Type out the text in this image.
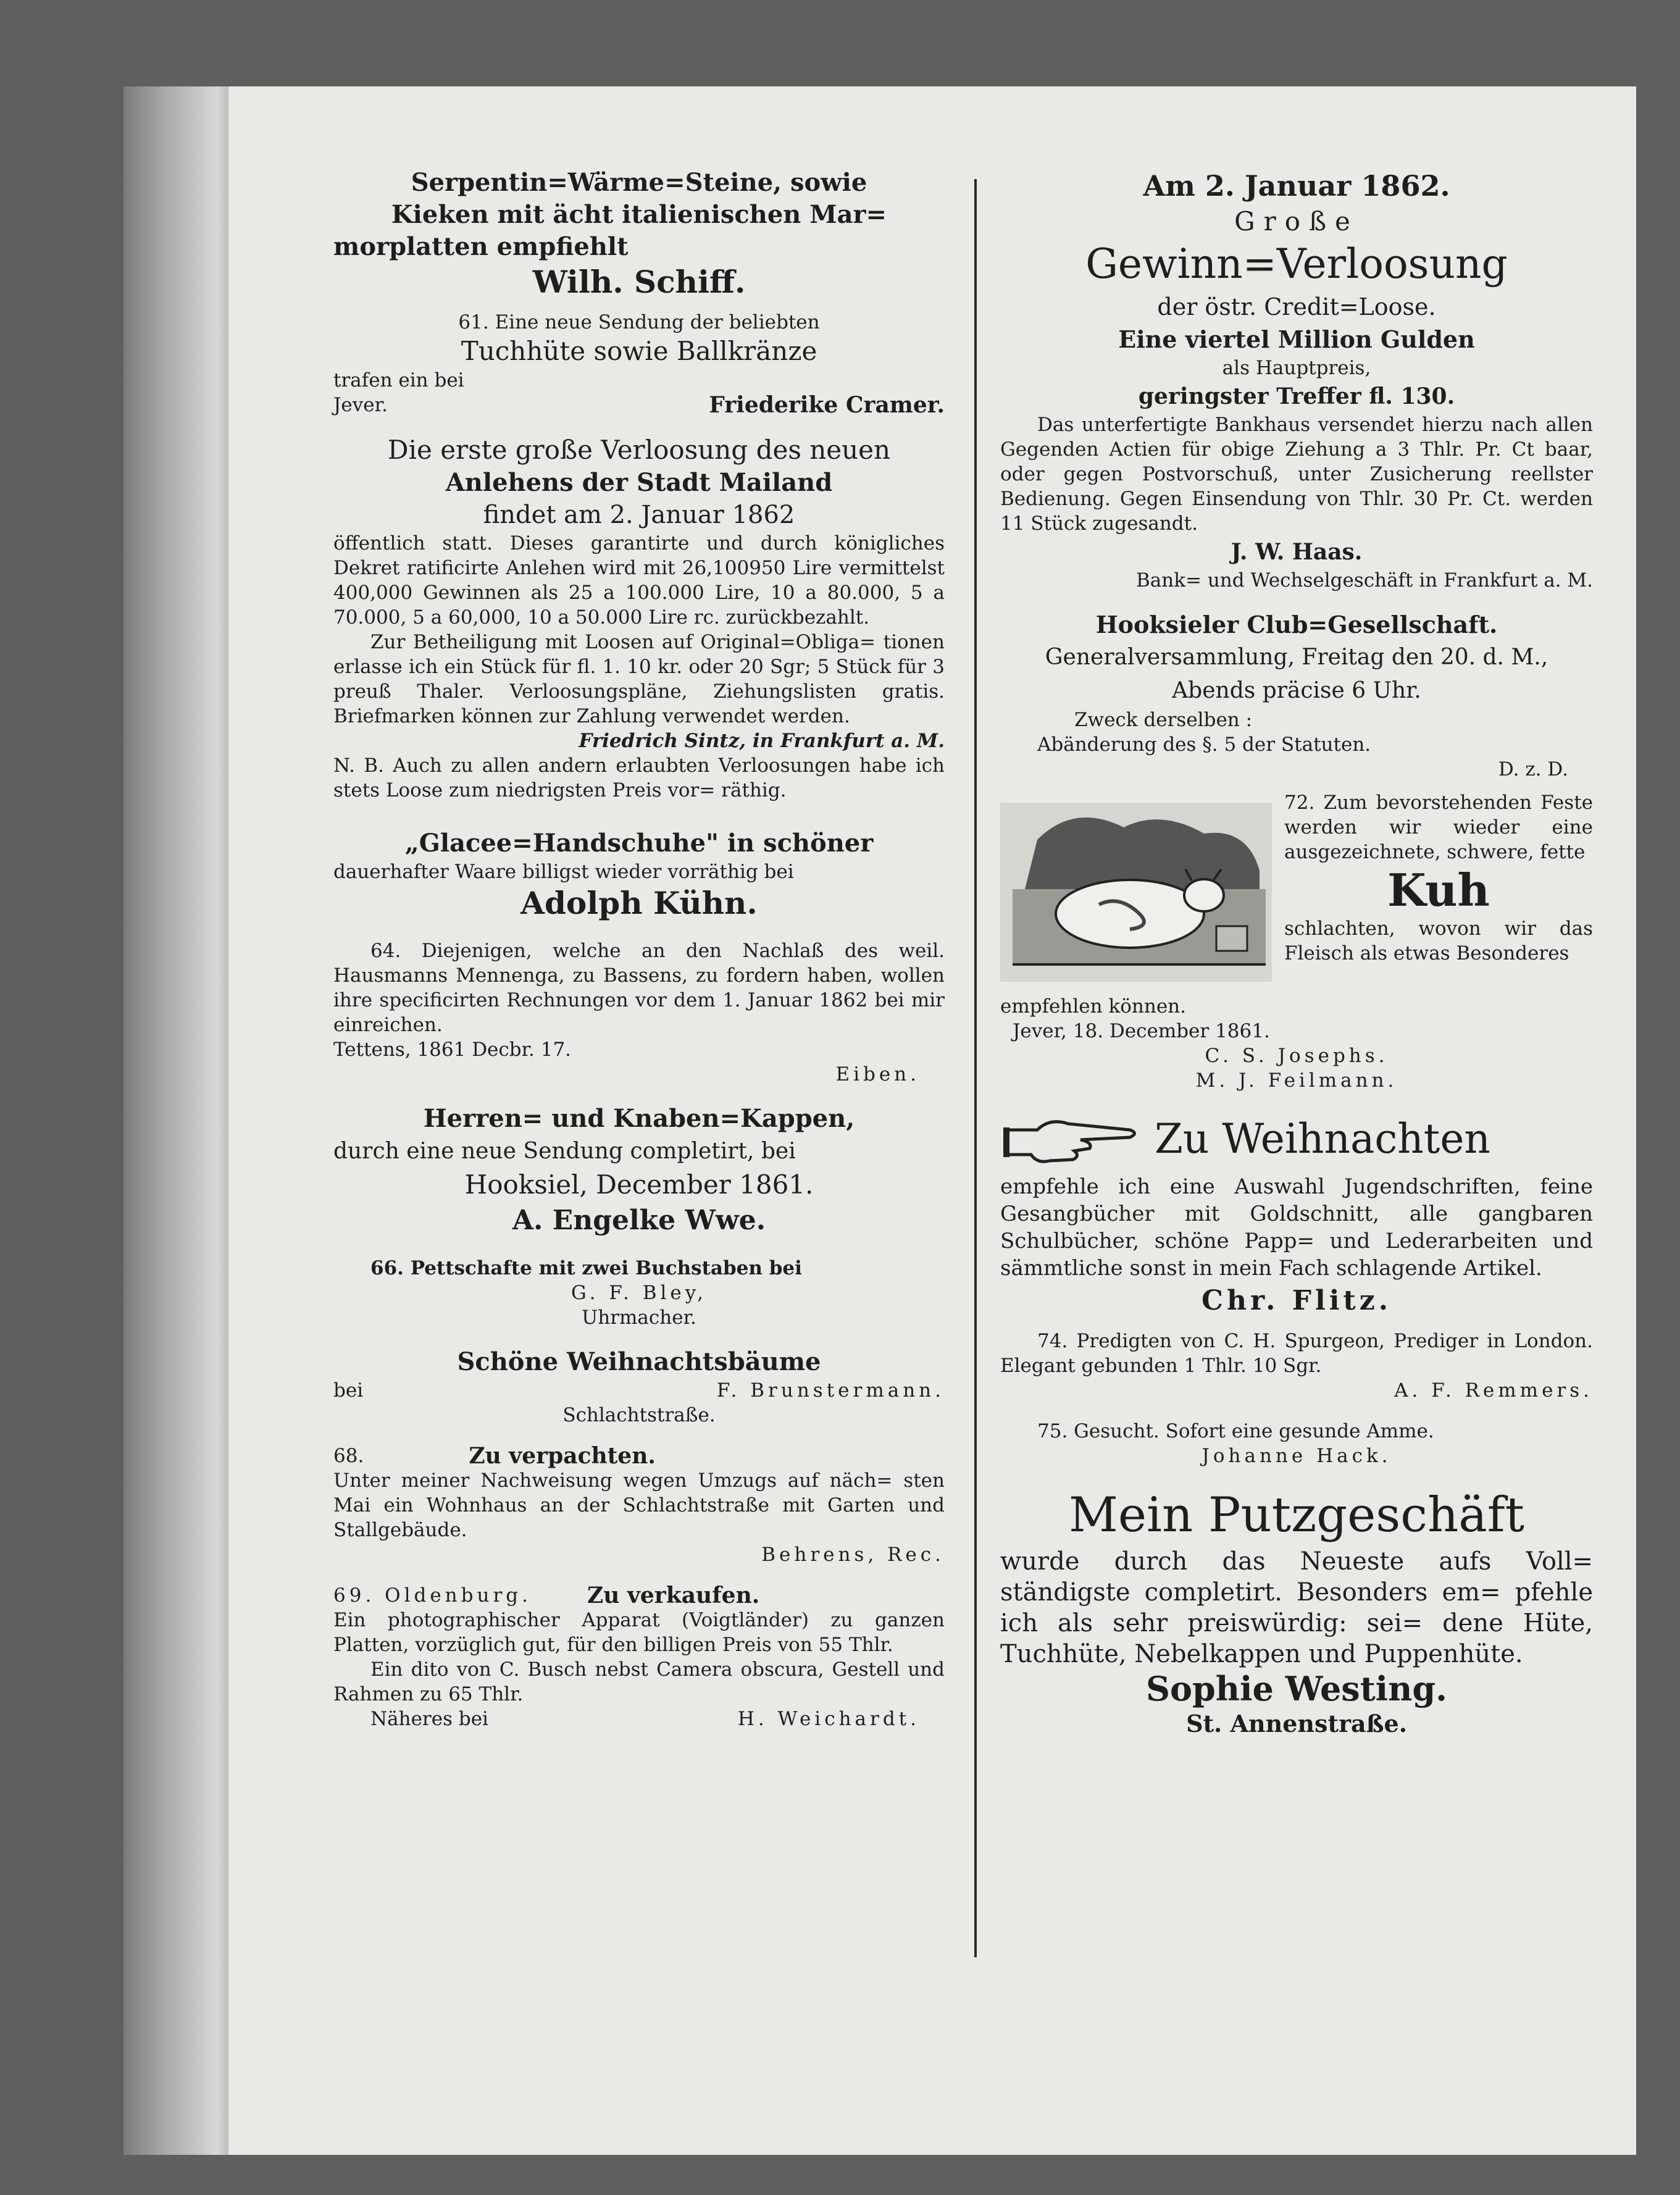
Serpentin=Wärme=Steine, sowie

Kieken mit ächt italienischen Mar=

morplatten empfiehlt

Wilh. Schiff.

61. Eine neue Sendung der beliebten

Tuchhüte sowie Ballkränze

trafen ein bei

Jever.	Friederike Cramer.

Die erste große Verloosung des neuen

Anlehens der Stadt Mailand

findet am 2. Januar 1862

öffentlich statt. Dieses garantirte und durch königliches Dekret ratificirte Anlehen wird mit 26,100950 Lire vermittelst 400,000 Gewinnen als 25 a 100.000 Lire, 10 a 80.000, 5 a 70.000, 5 a 60,000, 10 a 50.000 Lire rc. zurückbezahlt.

Zur Betheiligung mit Loosen auf Original=Obliga= tionen erlasse ich ein Stück für fl. 1. 10 kr. oder 20 Sgr; 5 Stück für 3 preuß Thaler. Verloosungspläne, Ziehungslisten gratis. Briefmarken können zur Zahlung verwendet werden.

Friedrich Sintz, in Frankfurt a. M.

N. B. Auch zu allen andern erlaubten Verloosungen habe ich stets Loose zum niedrigsten Preis vor= räthig.

„Glacee=Handschuhe" in schöner

dauerhafter Waare billigst wieder vorräthig bei

Adolph Kühn.

64. Diejenigen, welche an den Nachlaß des weil. Hausmanns Mennenga, zu Bassens, zu fordern haben, wollen ihre specificirten Rechnungen vor dem 1. Januar 1862 bei mir einreichen.

Tettens, 1861 Decbr. 17.

Eiben.

Herren= und Knaben=Kappen,

durch eine neue Sendung completirt, bei

Hooksiel, December 1861.

A. Engelke Wwe.

66. Pettschafte mit zwei Buchstaben bei

G. F. Bley,

Uhrmacher.

Schöne Weihnachtsbäume

bei	F. Brunstermann.

Schlachtstraße.

68.	Zu verpachten.

Unter meiner Nachweisung wegen Umzugs auf näch= sten Mai ein Wohnhaus an der Schlachtstraße mit Garten und Stallgebäude.

Behrens, Rec.

69. Oldenburg.	Zu verkaufen.

Ein photographischer Apparat (Voigtländer) zu ganzen Platten, vorzüglich gut, für den billigen Preis von 55 Thlr.

Ein dito von C. Busch nebst Camera obscura, Gestell und Rahmen zu 65 Thlr.

Näheres bei	H. Weichardt.

Am 2. Januar 1862.

Große

Gewinn=Verloosung

der östr. Credit=Loose.

Eine viertel Million Gulden

als Hauptpreis,

geringster Treffer fl. 130.

Das unterfertigte Bankhaus versendet hierzu nach allen Gegenden Actien für obige Ziehung a 3 Thlr. Pr. Ct baar, oder gegen Postvorschuß, unter Zusicherung reellster Bedienung. Gegen Einsendung von Thlr. 30 Pr. Ct. werden 11 Stück zugesandt.

J. W. Haas.

Bank= und Wechselgeschäft in Frankfurt a. M.

Hooksieler Club=Gesellschaft.

Generalversammlung, Freitag den 20. d. M.,

Abends präcise 6 Uhr.

Zweck derselben :

Abänderung des §. 5 der Statuten.

D. z. D.

72. Zum bevorstehenden Feste werden wir wieder eine ausgezeichnete, schwere, fette

Kuh

schlachten, wovon wir das Fleisch als etwas Besonderes

empfehlen können.

Jever, 18. December 1861.

C. S. Josephs.

M. J. Feilmann.

Zu Weihnachten

empfehle ich eine Auswahl Jugendschriften, feine Gesangbücher mit Goldschnitt, alle gangbaren Schulbücher, schöne Papp= und Lederarbeiten und sämmtliche sonst in mein Fach schlagende Artikel.

Chr. Flitz.

74. Predigten von C. H. Spurgeon, Prediger in London. Elegant gebunden 1 Thlr. 10 Sgr.

A. F. Remmers.

75. Gesucht. Sofort eine gesunde Amme.

Johanne Hack.

Mein Putzgeschäft

wurde durch das Neueste aufs Voll= ständigste completirt. Besonders em= pfehle ich als sehr preiswürdig: sei= dene Hüte, Tuchhüte, Nebelkappen und Puppenhüte.

Sophie Westing.

St. Annenstraße.
